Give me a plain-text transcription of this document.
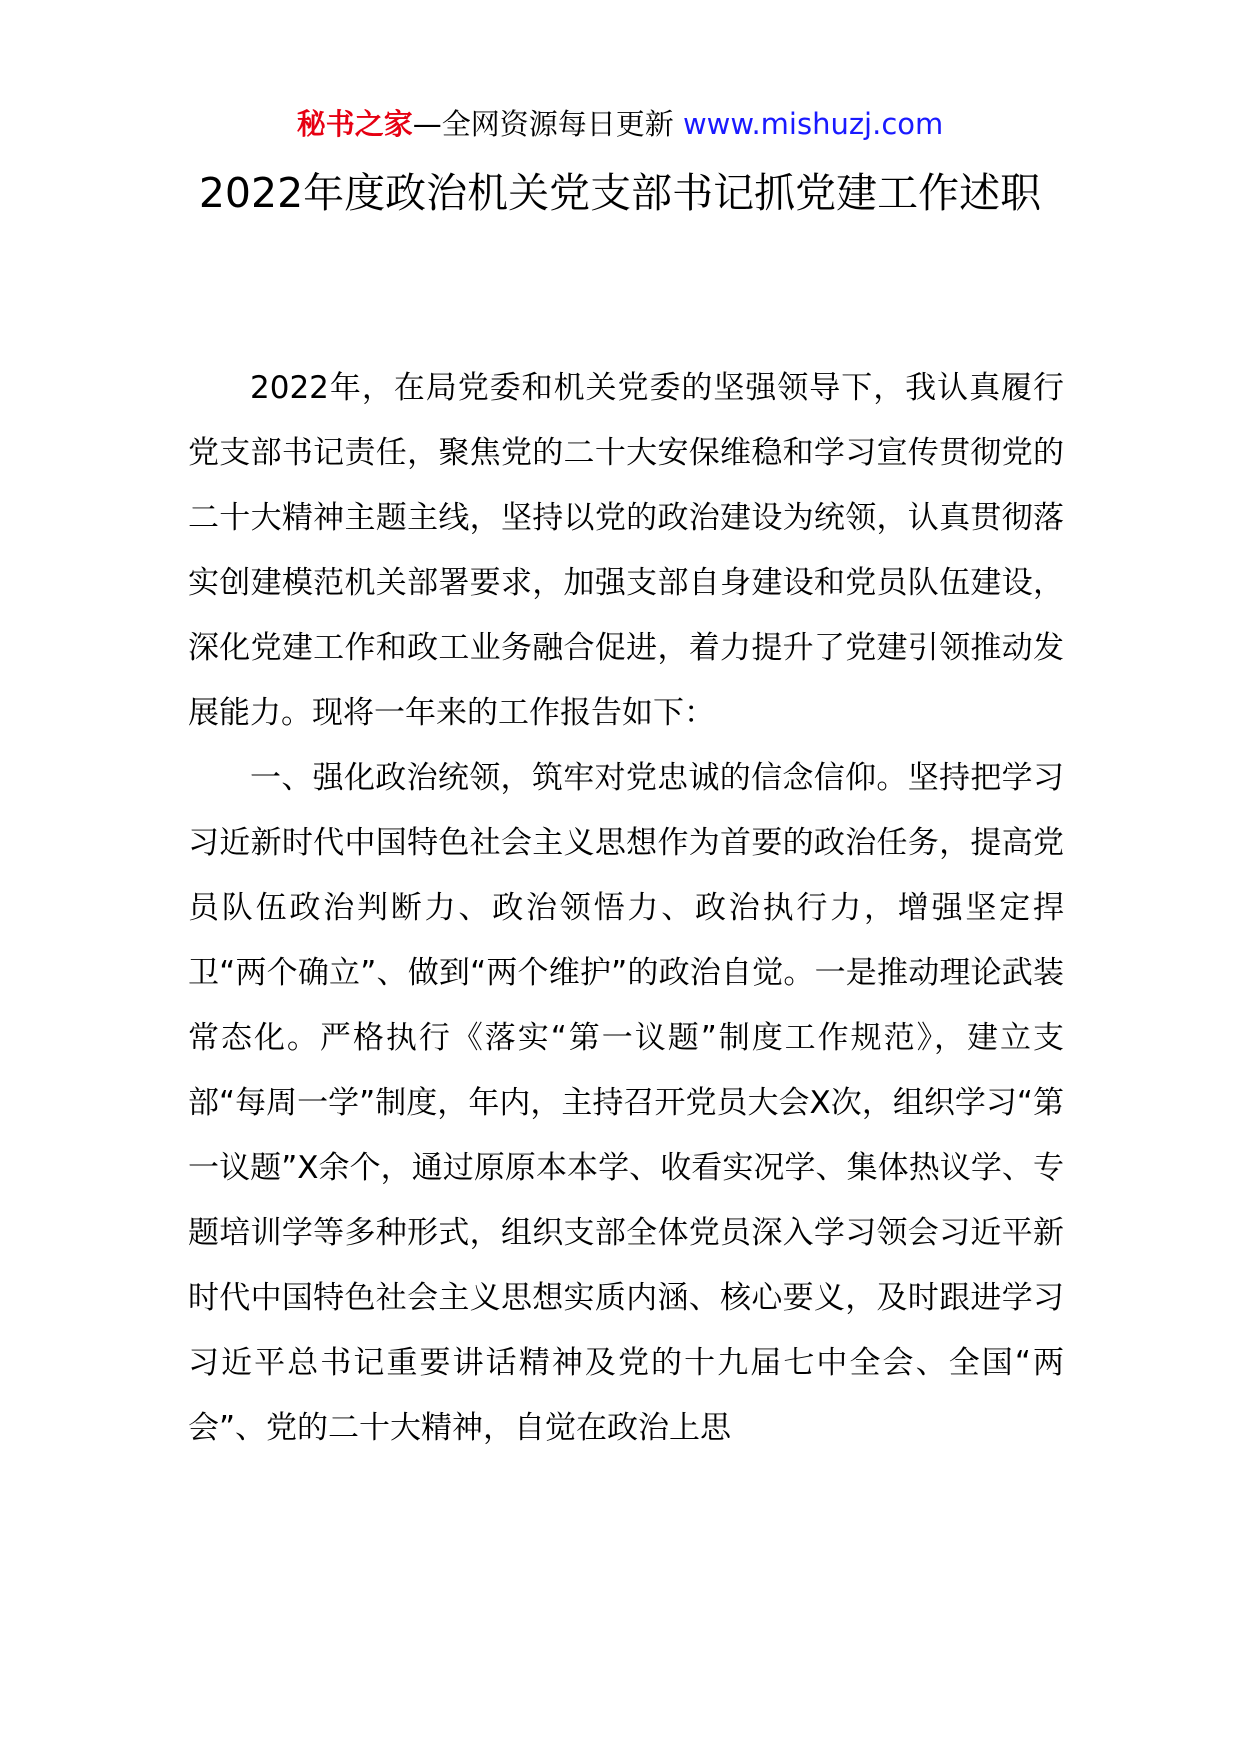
秘书之家—全网资源每日更新 www.mishuzj.com
2022年度政治机关党支部书记抓党建工作述职

2022年，在局党委和机关党委的坚强领导下，我认真履行党支部书记责任，聚焦党的二十大安保维稳和学习宣传贯彻党的二十大精神主题主线，坚持以党的政治建设为统领，认真贯彻落实创建模范机关部署要求，加强支部自身建设和党员队伍建设，深化党建工作和政工业务融合促进，着力提升了党建引领推动发展能力。现将一年来的工作报告如下：

一、强化政治统领，筑牢对党忠诚的信念信仰。坚持把学习习近新时代中国特色社会主义思想作为首要的政治任务，提高党员队伍政治判断力、政治领悟力、政治执行力，增强坚定捍卫“两个确立”、做到“两个维护”的政治自觉。一是推动理论武装常态化。严格执行《落实“第一议题”制度工作规范》，建立支部“每周一学”制度，年内，主持召开党员大会X次，组织学习“第一议题”X余个，通过原原本本学、收看实况学、集体热议学、专题培训学等多种形式，组织支部全体党员深入学习领会习近平新时代中国特色社会主义思想实质内涵、核心要义，及时跟进学习习近平总书记重要讲话精神及党的十九届七中全会、全国“两会”、党的二十大精神，自觉在政治上思
